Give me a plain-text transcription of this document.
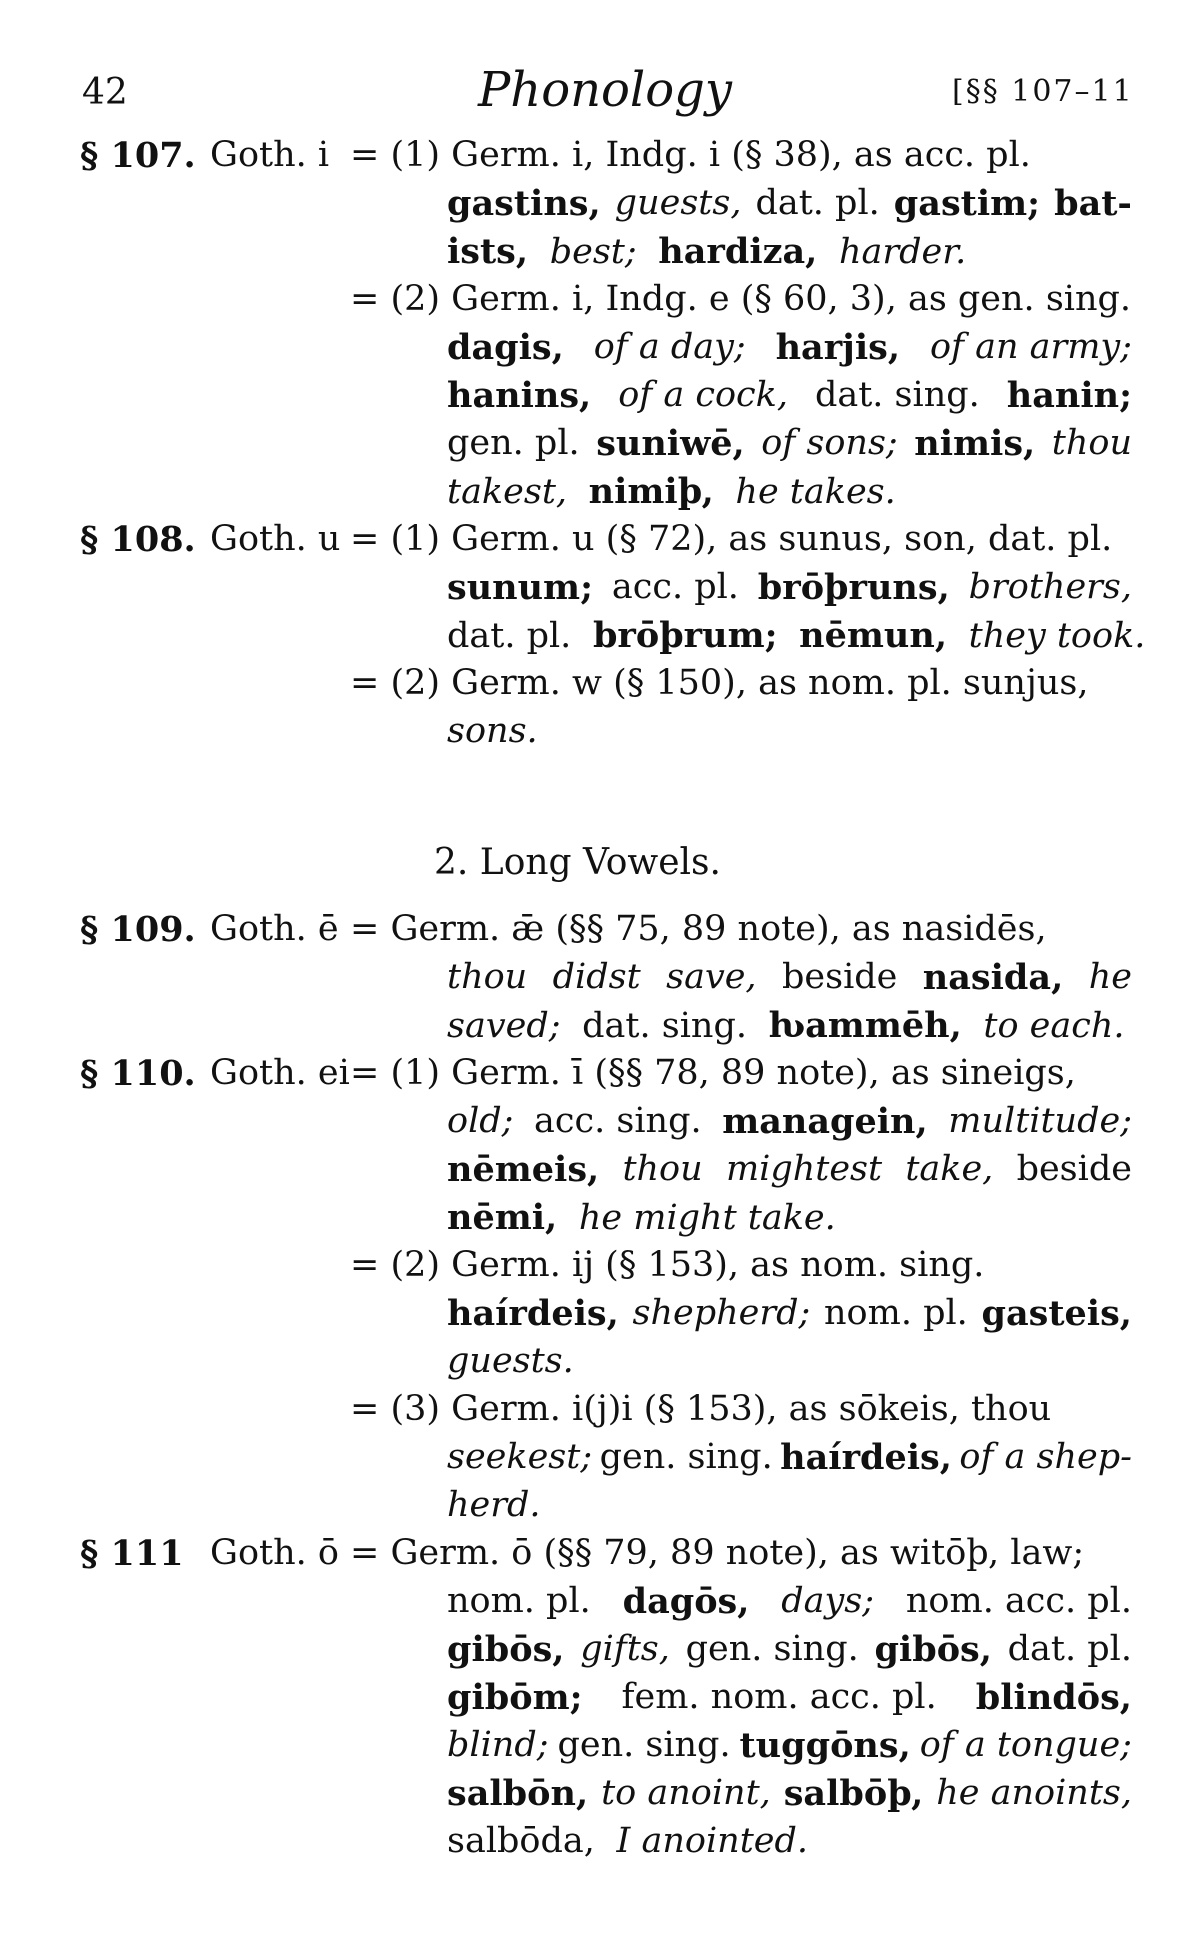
42	Phonology	[§§ 107–11
§ 107. Goth. i = (1) Germ. i, Indg. i (§ 38), as acc. pl.
gastins, guests, dat. pl. gastim; bat-
ists, best; hardiza, harder.
= (2) Germ. i, Indg. e (§ 60, 3), as gen. sing.
dagis, of a day; harjis, of an army;
hanins, of a cock, dat. sing. hanin;
gen. pl. suniwē, of sons; nimis, thou
takest, nimiþ, he takes.
§ 108. Goth. u = (1) Germ. u (§ 72), as sunus, son, dat. pl.
sunum; acc. pl. brōþruns, brothers,
dat. pl. brōþrum; nēmun, they took.
= (2) Germ. w (§ 150), as nom. pl. sunjus,
sons.
2. Long Vowels.
§ 109. Goth. ē = Germ. ǣ (§§ 75, 89 note), as nasidēs,
thou didst save, beside nasida, he
saved; dat. sing. ƕammēh, to each.
§ 110. Goth. ei = (1) Germ. ī (§§ 78, 89 note), as sineigs,
old; acc. sing. managein, multitude;
nēmeis, thou mightest take, beside
nēmi, he might take.
= (2) Germ. ij (§ 153), as nom. sing.
haírdeis, shepherd; nom. pl. gasteis,
guests.
= (3) Germ. i(j)i (§ 153), as sōkeis, thou
seekest; gen. sing. haírdeis, of a shep-
herd.
§ 111 Goth. ō = Germ. ō (§§ 79, 89 note), as witōþ, law;
nom. pl. dagōs, days; nom. acc. pl.
gibōs, gifts, gen. sing. gibōs, dat. pl.
gibōm; fem. nom. acc. pl. blindōs,
blind; gen. sing. tuggōns, of a tongue;
salbōn, to anoint, salbōþ, he anoints,
salbōda, I anointed.
